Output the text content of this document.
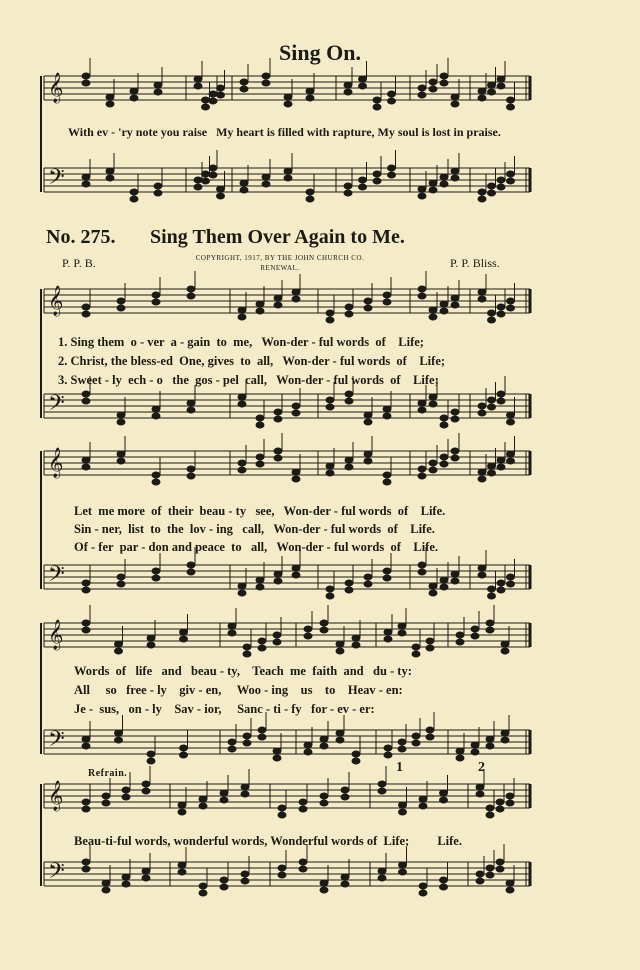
Sing On.
𝄞
𝄢
𝄞
𝄢
𝄞
𝄢
𝄞
𝄢
𝄞
𝄢
With ev - 'ry note you raise   My heart is filled with rapture, My soul is lost in praise.
No. 275. Sing Them Over Again to Me.
COPYRIGHT, 1917, BY THE JOHN CHURCH CO.
RENEWAL.
P. P. B.	P. P. Bliss.
1. Sing them  o - ver  a - gain  to  me,   Won-der - ful words  of    Life;
2. Christ, the bless-ed  One, gives  to  all,   Won-der - ful words  of    Life;
3. Sweet - ly  ech - o   the  gos - pel  call,   Won-der - ful words  of    Life;
Let  me more  of  their  beau - ty   see,   Won-der - ful words  of    Life.
Sin - ner,  list  to  the  lov - ing   call,   Won-der - ful words  of    Life.
Of - fer  par - don and peace  to   all,   Won-der - ful words  of    Life.
Words  of   life   and   beau - ty,    Teach  me  faith  and   du - ty:
All     so   free - ly    giv - en,     Woo - ing    us    to    Heav - en:
Je -  sus,   on - ly    Sav - ior,     Sanc - ti - fy   for - ev - er:
Refrain.
Beau-ti-ful words, wonderful words, Wonderful words of  Life;         Life.
1	2
